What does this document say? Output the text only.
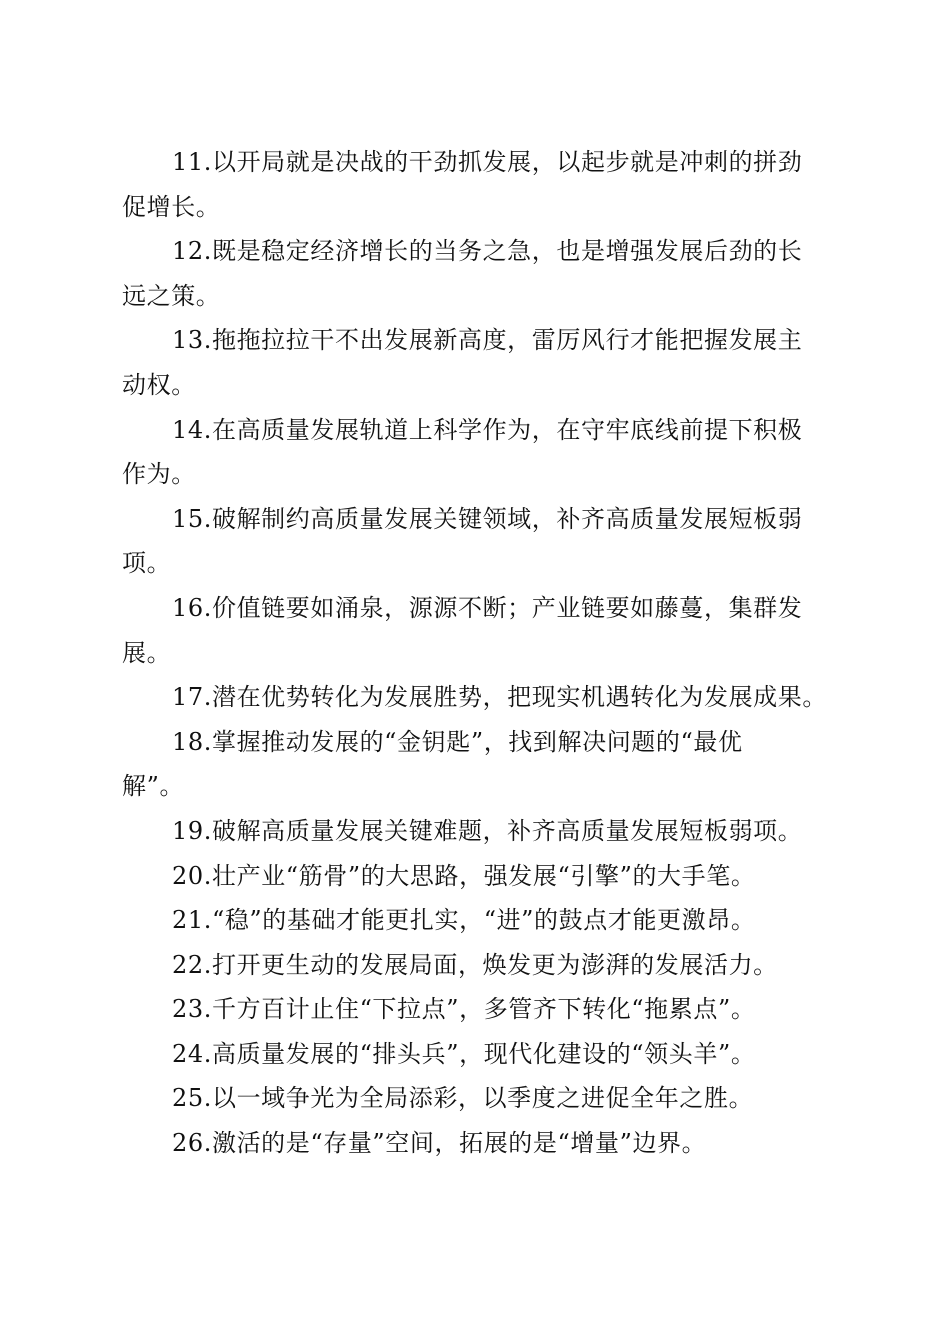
11.以开局就是决战的干劲抓发展，以起步就是冲刺的拼劲
促增长。
12.既是稳定经济增长的当务之急，也是增强发展后劲的长
远之策。
13.拖拖拉拉干不出发展新高度，雷厉风行才能把握发展主
动权。
14.在高质量发展轨道上科学作为，在守牢底线前提下积极
作为。
15.破解制约高质量发展关键领域，补齐高质量发展短板弱
项。
16.价值链要如涌泉，源源不断；产业链要如藤蔓，集群发
展。
17.潜在优势转化为发展胜势，把现实机遇转化为发展成果。
18.掌握推动发展的“金钥匙”，找到解决问题的“最优
解”。
19.破解高质量发展关键难题，补齐高质量发展短板弱项。
20.壮产业“筋骨”的大思路，强发展“引擎”的大手笔。
21.“稳”的基础才能更扎实，“进”的鼓点才能更激昂。
22.打开更生动的发展局面，焕发更为澎湃的发展活力。
23.千方百计止住“下拉点”，多管齐下转化“拖累点”。
24.高质量发展的“排头兵”，现代化建设的“领头羊”。
25.以一域争光为全局添彩，以季度之进促全年之胜。
26.激活的是“存量”空间，拓展的是“增量”边界。
